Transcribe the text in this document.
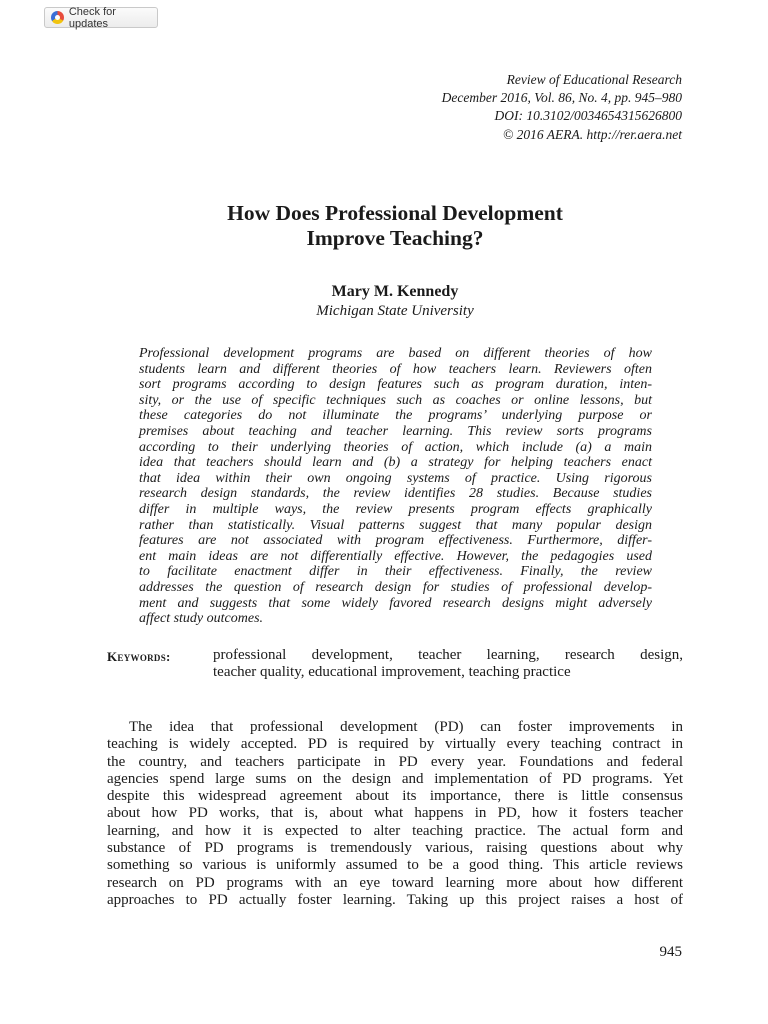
Check for updates
Review of Educational Research
December 2016, Vol. 86, No. 4, pp. 945–980
DOI: 10.3102/0034654315626800
© 2016 AERA. http://rer.aera.net
How Does Professional Development
Improve Teaching?
Mary M. Kennedy
Michigan State University
Professional development programs are based on different theories of how
students learn and different theories of how teachers learn. Reviewers often
sort programs according to design features such as program duration, inten-
sity, or the use of specific techniques such as coaches or online lessons, but
these categories do not illuminate the programs’ underlying purpose or
premises about teaching and teacher learning. This review sorts programs
according to their underlying theories of action, which include (a) a main
idea that teachers should learn and (b) a strategy for helping teachers enact
that idea within their own ongoing systems of practice. Using rigorous
research design standards, the review identifies 28 studies. Because studies
differ in multiple ways, the review presents program effects graphically
rather than statistically. Visual patterns suggest that many popular design
features are not associated with program effectiveness. Furthermore, differ-
ent main ideas are not differentially effective. However, the pedagogies used
to facilitate enactment differ in their effectiveness. Finally, the review
addresses the question of research design for studies of professional develop-
ment and suggests that some widely favored research designs might adversely
affect study outcomes.
Keywords:	professional development, teacher learning, research design,
teacher quality, educational improvement, teaching practice
The idea that professional development (PD) can foster improvements in
teaching is widely accepted. PD is required by virtually every teaching contract in
the country, and teachers participate in PD every year. Foundations and federal
agencies spend large sums on the design and implementation of PD programs. Yet
despite this widespread agreement about its importance, there is little consensus
about how PD works, that is, about what happens in PD, how it fosters teacher
learning, and how it is expected to alter teaching practice. The actual form and
substance of PD programs is tremendously various, raising questions about why
something so various is uniformly assumed to be a good thing. This article reviews
research on PD programs with an eye toward learning more about how different
approaches to PD actually foster learning. Taking up this project raises a host of
945
